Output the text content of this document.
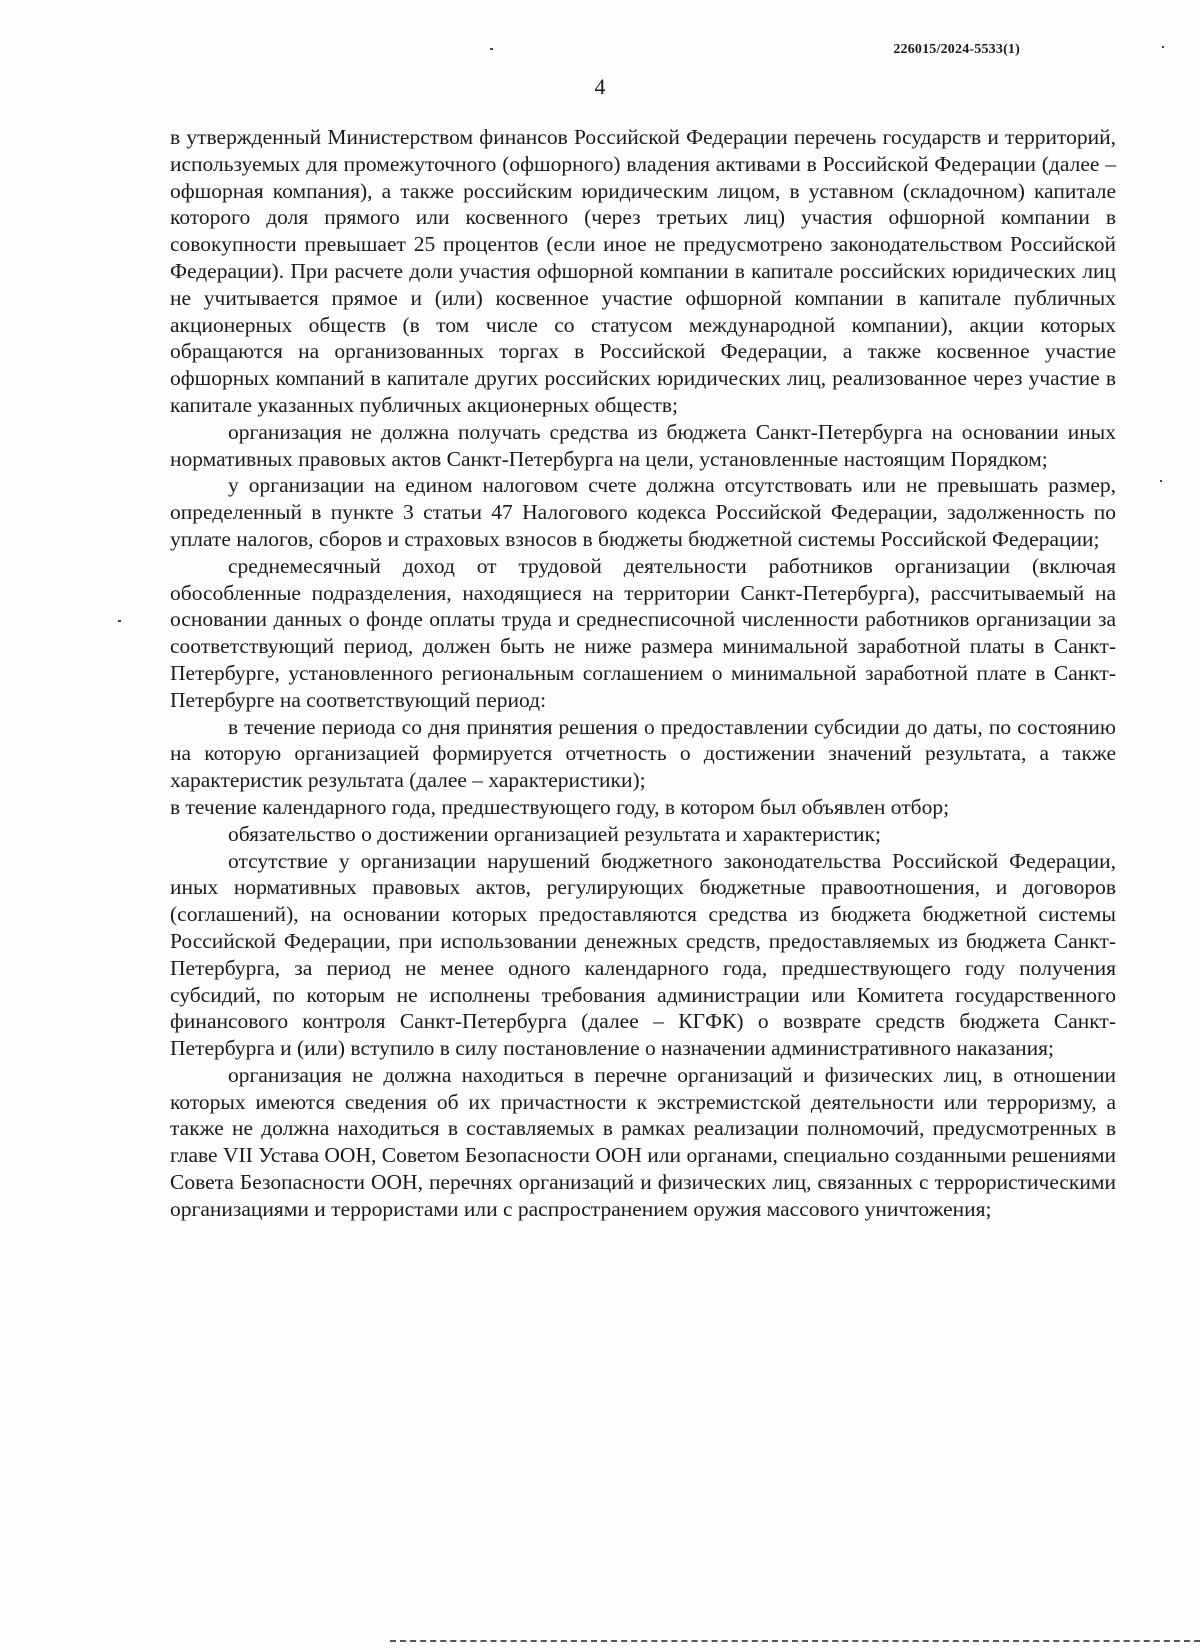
226015/2024-5533(1)
4

в утвержденный Министерством финансов Российской Федерации перечень государств и территорий, используемых для промежуточного (офшорного) владения активами в Российской Федерации (далее – офшорная компания), а также российским юридическим лицом, в уставном (складочном) капитале которого доля прямого или косвенного (через третьих лиц) участия офшорной компании в совокупности превышает 25 процентов (если иное не предусмотрено законодательством Российской Федерации). При расчете доли участия офшорной компании в капитале российских юридических лиц не учитывается прямое и (или) косвенное участие офшорной компании в капитале публичных акционерных обществ (в том числе со статусом международной компании), акции которых обращаются на организованных торгах в Российской Федерации, а также косвенное участие офшорных компаний в капитале других российских юридических лиц, реализованное через участие в капитале указанных публичных акционерных обществ;

организация не должна получать средства из бюджета Санкт-Петербурга на основании иных нормативных правовых актов Санкт-Петербурга на цели, установленные настоящим Порядком;

у организации на едином налоговом счете должна отсутствовать или не превышать размер, определенный в пункте 3 статьи 47 Налогового кодекса Российской Федерации, задолженность по уплате налогов, сборов и страховых взносов в бюджеты бюджетной системы Российской Федерации;

среднемесячный доход от трудовой деятельности работников организации (включая обособленные подразделения, находящиеся на территории Санкт-Петербурга), рассчитываемый на основании данных о фонде оплаты труда и среднесписочной численности работников организации за соответствующий период, должен быть не ниже размера минимальной заработной платы в Санкт-Петербурге, установленного региональным соглашением о минимальной заработной плате в Санкт-Петербурге на соответствующий период:

в течение периода со дня принятия решения о предоставлении субсидии до даты, по состоянию на которую организацией формируется отчетность о достижении значений результата, а также характеристик результата (далее – характеристики);

в течение календарного года, предшествующего году, в котором был объявлен отбор;

обязательство о достижении организацией результата и характеристик;

отсутствие у организации нарушений бюджетного законодательства Российской Федерации, иных нормативных правовых актов, регулирующих бюджетные правоотношения, и договоров (соглашений), на основании которых предоставляются средства из бюджета бюджетной системы Российской Федерации, при использовании денежных средств, предоставляемых из бюджета Санкт-Петербурга, за период не менее одного календарного года, предшествующего году получения субсидий, по которым не исполнены требования администрации или Комитета государственного финансового контроля Санкт-Петербурга (далее – КГФК) о возврате средств бюджета Санкт-Петербурга и (или) вступило в силу постановление о назначении административного наказания;

организация не должна находиться в перечне организаций и физических лиц, в отношении которых имеются сведения об их причастности к экстремистской деятельности или терроризму, а также не должна находиться в составляемых в рамках реализации полномочий, предусмотренных в главе VII Устава ООН, Советом Безопасности ООН или органами, специально созданными решениями Совета Безопасности ООН, перечнях организаций и физических лиц, связанных с террористическими организациями и террористами или с распространением оружия массового уничтожения;
